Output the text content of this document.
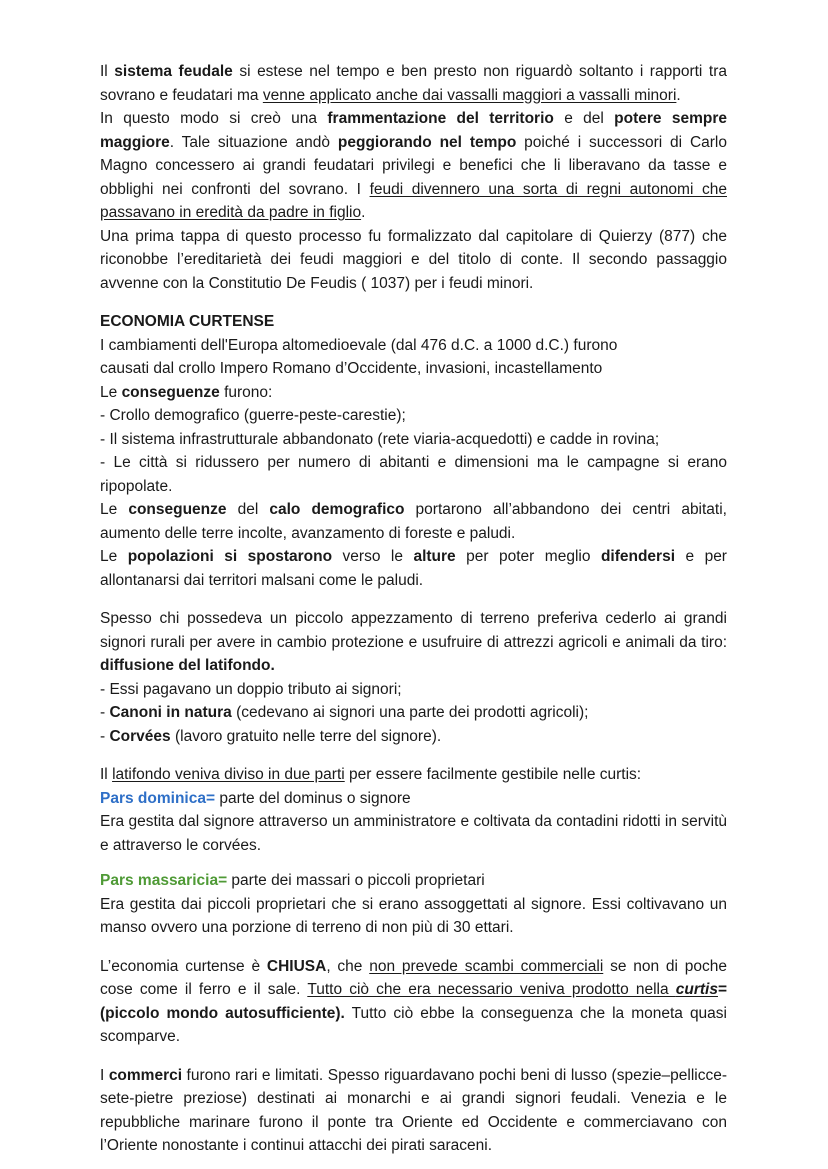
Il sistema feudale si estese nel tempo e ben presto non riguardò soltanto i rapporti tra sovrano e feudatari ma venne applicato anche dai vassalli maggiori a vassalli minori.

In questo modo si creò una frammentazione del territorio e del potere sempre maggiore. Tale situazione andò peggiorando nel tempo poiché i successori di Carlo Magno concessero ai grandi feudatari privilegi e benefici che li liberavano da tasse e obblighi nei confronti del sovrano. I feudi divennero una sorta di regni autonomi che passavano in eredità da padre in figlio.

Una prima tappa di questo processo fu formalizzato dal capitolare di Quierzy (877) che riconobbe l’ereditarietà dei feudi maggiori e del titolo di conte. Il secondo passaggio avvenne con la Constitutio De Feudis ( 1037) per i feudi minori.

ECONOMIA CURTENSE

I cambiamenti dell'Europa altomedioevale (dal 476 d.C. a 1000 d.C.) furono

causati dal crollo Impero Romano d’Occidente, invasioni, incastellamento

Le conseguenze furono:

- Crollo demografico (guerre-peste-carestie);

- Il sistema infrastrutturale abbandonato (rete viaria-acquedotti) e cadde in rovina;

- Le città si ridussero per numero di abitanti e dimensioni ma le campagne si erano ripopolate.

Le conseguenze del calo demografico portarono all’abbandono dei centri abitati, aumento delle terre incolte, avanzamento di foreste e paludi.

Le popolazioni si spostarono verso le alture per poter meglio difendersi e per allontanarsi dai territori malsani come le paludi.

Spesso chi possedeva un piccolo appezzamento di terreno preferiva cederlo ai grandi signori rurali per avere in cambio protezione e usufruire di attrezzi agricoli e animali da tiro: diffusione del latifondo.

- Essi pagavano un doppio tributo ai signori;

- Canoni in natura (cedevano ai signori una parte dei prodotti agricoli);

- Corvées (lavoro gratuito nelle terre del signore).

Il latifondo veniva diviso in due parti per essere facilmente gestibile nelle curtis:

Pars dominica= parte del dominus o signore

Era gestita dal signore attraverso un amministratore e coltivata da contadini ridotti in servitù e attraverso le corvées.

Pars massaricia= parte dei massari o piccoli proprietari

Era gestita dai piccoli proprietari che si erano assoggettati al signore. Essi coltivavano un manso ovvero una porzione di terreno di non più di 30 ettari.

L’economia curtense è CHIUSA, che non prevede scambi commerciali se non di poche cose come il ferro e il sale. Tutto ciò che era necessario veniva prodotto nella curtis=(piccolo mondo autosufficiente). Tutto ciò ebbe la conseguenza che la moneta quasi scomparve.

I commerci furono rari e limitati. Spesso riguardavano pochi beni di lusso (spezie–pellicce-sete-pietre preziose) destinati ai monarchi e ai grandi signori feudali. Venezia e le repubbliche marinare furono il ponte tra Oriente ed Occidente e commerciavano con l’Oriente nonostante i continui attacchi dei pirati saraceni.
